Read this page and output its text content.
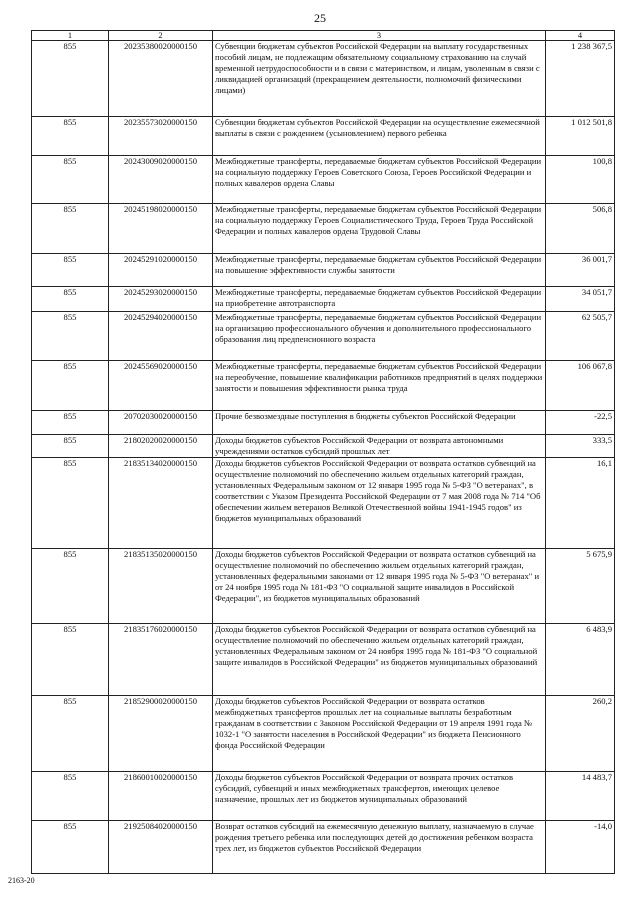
25
1	2	3	4
855	20235380020000150	Субвенции бюджетам субъектов Российской Федерации на выплату государственных пособий лицам, не подлежащим обязательному социальному страхованию на случай временной нетрудоспособности и в связи с материнством, и лицам, уволенным в связи с ликвидацией организаций (прекращением деятельности, полномочий физическими лицами)	1 238 367,5
855	20235573020000150	Субвенции бюджетам субъектов Российской Федерации на осуществление ежемесячной выплаты в связи с рождением (усыновлением) первого ребенка	1 012 501,8
855	20243009020000150	Межбюджетные трансферты, передаваемые бюджетам субъектов Российской Федерации на социальную поддержку Героев Советского Союза, Героев Российской Федерации и полных кавалеров ордена Славы	100,8
855	20245198020000150	Межбюджетные трансферты, передаваемые бюджетам субъектов Российской Федерации на социальную поддержку Героев Социалистического Труда, Героев Труда Российской Федерации и полных кавалеров ордена Трудовой Славы	506,8
855	20245291020000150	Межбюджетные трансферты, передаваемые бюджетам субъектов Российской Федерации на повышение эффективности службы занятости	36 001,7
855	20245293020000150	Межбюджетные трансферты, передаваемые бюджетам субъектов Российской Федерации на приобретение автотранспорта	34 051,7
855	20245294020000150	Межбюджетные трансферты, передаваемые бюджетам субъектов Российской Федерации на организацию профессионального обучения и дополнительного профессионального образования лиц предпенсионного возраста	62 505,7
855	20245569020000150	Межбюджетные трансферты, передаваемые бюджетам субъектов Российской Федерации на переобучение, повышение квалификации работников предприятий в целях поддержки занятости и повышения эффективности рынка труда	106 067,8
855	20702030020000150	Прочие безвозмездные поступления в бюджеты субъектов Российской Федерации	-22,5
855	21802020020000150	Доходы бюджетов субъектов Российской Федерации от возврата автономными учреждениями остатков субсидий прошлых лет	333,5
855	21835134020000150	Доходы бюджетов субъектов Российской Федерации от возврата остатков субвенций на осуществление полномочий по обеспечению жильем отдельных категорий граждан, установленных Федеральным законом от 12 января 1995 года № 5-ФЗ "О ветеранах", в соответствии с Указом Президента Российской Федерации от 7 мая 2008 года № 714 "Об обеспечении жильем ветеранов Великой Отечественной войны 1941-1945 годов" из бюджетов муниципальных образований	16,1
855	21835135020000150	Доходы бюджетов субъектов Российской Федерации от возврата остатков субвенций на осуществление полномочий по обеспечению жильем отдельных категорий граждан, установленных федеральными законами от 12 января 1995 года № 5-ФЗ "О ветеранах" и от 24 ноября 1995 года № 181-ФЗ "О социальной защите инвалидов в Российской Федерации", из бюджетов муниципальных образований	5 675,9
855	21835176020000150	Доходы бюджетов субъектов Российской Федерации от возврата остатков субвенций на осуществление полномочий по обеспечению жильем отдельных категорий граждан, установленных Федеральным законом от 24 ноября 1995 года № 181-ФЗ "О социальной защите инвалидов в Российской Федерации" из бюджетов муниципальных образований	6 483,9
855	21852900020000150	Доходы бюджетов субъектов Российской Федерации от возврата остатков межбюджетных трансфертов прошлых лет на социальные выплаты безработным гражданам в соответствии с Законом Российской Федерации от 19 апреля 1991 года № 1032-1 "О занятости населения в Российской Федерации" из бюджета Пенсионного фонда Российской Федерации	260,2
855	21860010020000150	Доходы бюджетов субъектов Российской Федерации от возврата прочих остатков субсидий, субвенций и иных межбюджетных трансфертов, имеющих целевое назначение, прошлых лет из бюджетов муниципальных образований	14 483,7
855	21925084020000150	Возврат остатков субсидий на ежемесячную денежную выплату, назначаемую в случае рождения третьего ребенка или последующих детей до достижения ребенком возраста трех лет, из бюджетов субъектов Российской Федерации	-14,0
2163-20
